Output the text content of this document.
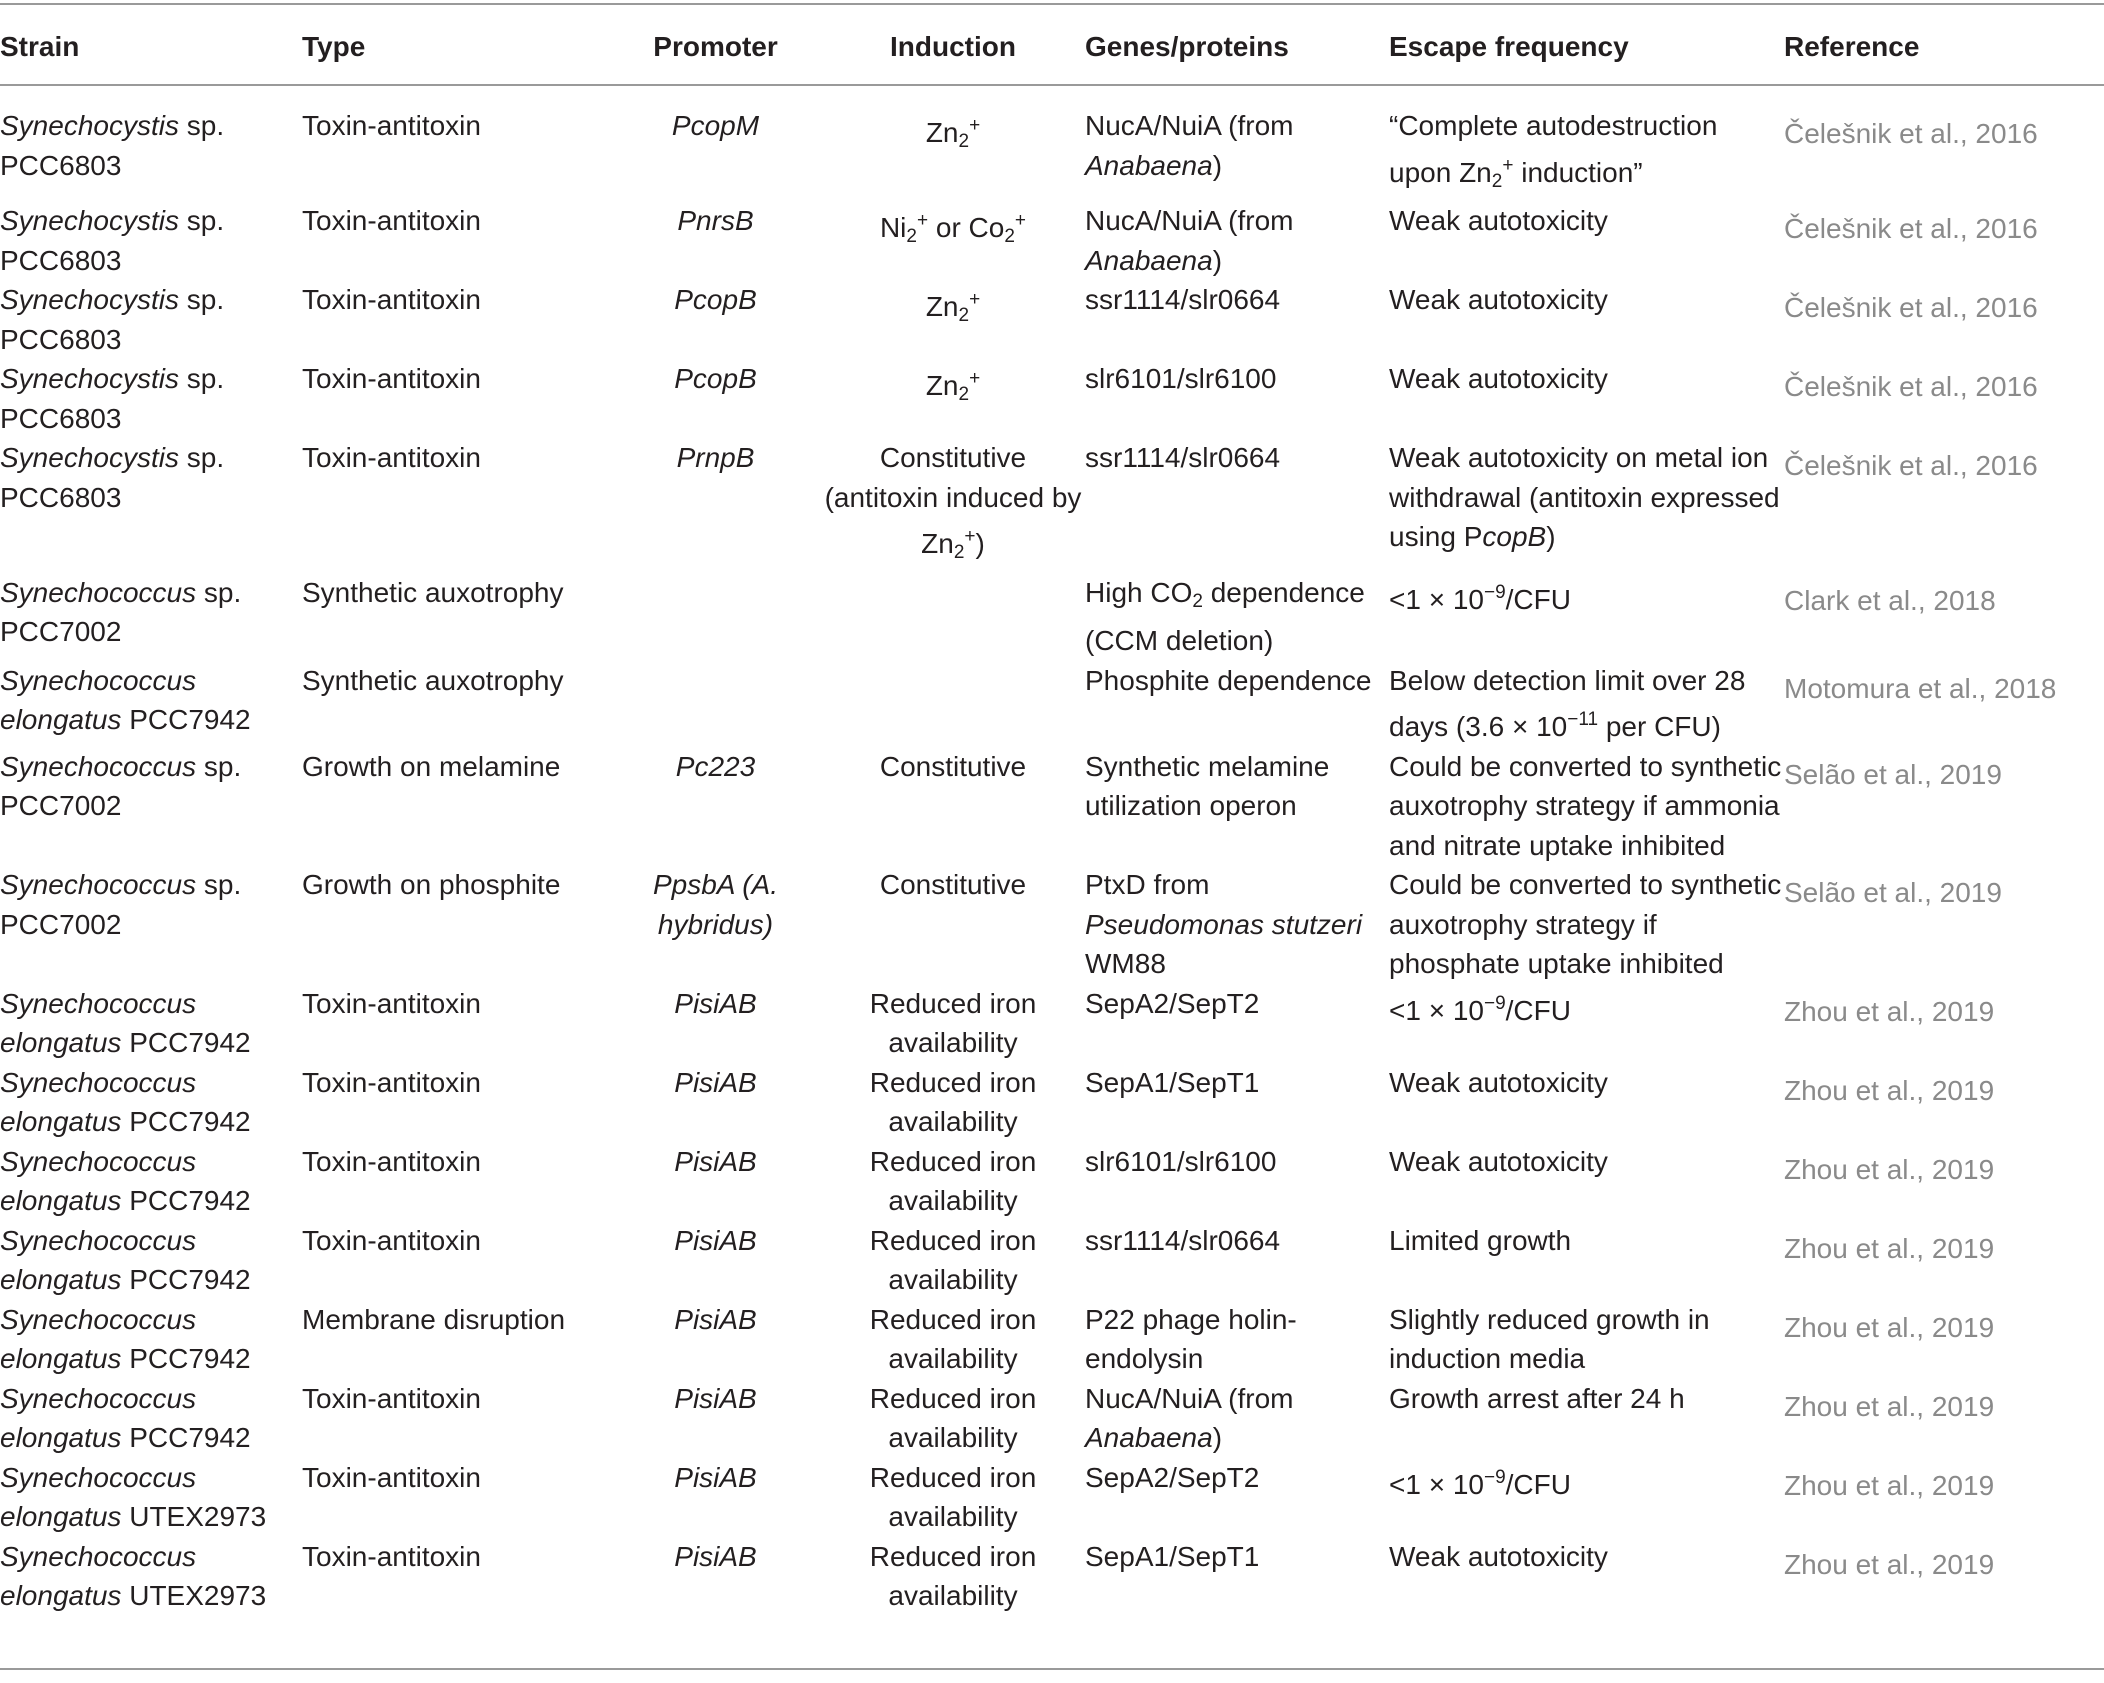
Strain	Type	Promoter	Induction	Genes/proteins	Escape frequency	Reference
Synechocystis sp. PCC6803	Toxin-antitoxin	PcopM	$Zn_2^+$	NucA/NuiA (from Anabaena)	“Complete autodestruction upon $Zn_2^+$ induction”	Čelešnik et al., 2016
Synechocystis sp. PCC6803	Toxin-antitoxin	PnrsB	$Ni_2^+$ or $Co_2^+$	NucA/NuiA (from Anabaena)	Weak autotoxicity	Čelešnik et al., 2016
Synechocystis sp. PCC6803	Toxin-antitoxin	PcopB	$Zn_2^+$	ssr1114/slr0664	Weak autotoxicity	Čelešnik et al., 2016
Synechocystis sp. PCC6803	Toxin-antitoxin	PcopB	$Zn_2^+$	slr6101/slr6100	Weak autotoxicity	Čelešnik et al., 2016
Synechocystis sp. PCC6803	Toxin-antitoxin	PrnpB	Constitutive (antitoxin induced by $Zn_2^+$)	ssr1114/slr0664	Weak autotoxicity on metal ion withdrawal (antitoxin expressed using PcopB)	Čelešnik et al., 2016
Synechococcus sp. PCC7002	Synthetic auxotrophy			High $CO_2$ dependence (CCM deletion)	$<1 \times 10^{-9}$/CFU	Clark et al., 2018
Synechococcus elongatus PCC7942	Synthetic auxotrophy			Phosphite dependence	Below detection limit over 28 days ($3.6 \times 10^{-11}$ per CFU)	Motomura et al., 2018
Synechococcus sp. PCC7002	Growth on melamine	Pc223	Constitutive	Synthetic melamine utilization operon	Could be converted to synthetic auxotrophy strategy if ammonia and nitrate uptake inhibited	Selão et al., 2019
Synechococcus sp. PCC7002	Growth on phosphite	PpsbA (A. hybridus)	Constitutive	PtxD from Pseudomonas stutzeri WM88	Could be converted to synthetic auxotrophy strategy if phosphate uptake inhibited	Selão et al., 2019
Synechococcus elongatus PCC7942	Toxin-antitoxin	PisiAB	Reduced iron availability	SepA2/SepT2	$<1 \times 10^{-9}$/CFU	Zhou et al., 2019
Synechococcus elongatus PCC7942	Toxin-antitoxin	PisiAB	Reduced iron availability	SepA1/SepT1	Weak autotoxicity	Zhou et al., 2019
Synechococcus elongatus PCC7942	Toxin-antitoxin	PisiAB	Reduced iron availability	slr6101/slr6100	Weak autotoxicity	Zhou et al., 2019
Synechococcus elongatus PCC7942	Toxin-antitoxin	PisiAB	Reduced iron availability	ssr1114/slr0664	Limited growth	Zhou et al., 2019
Synechococcus elongatus PCC7942	Membrane disruption	PisiAB	Reduced iron availability	P22 phage holin-endolysin	Slightly reduced growth in induction media	Zhou et al., 2019
Synechococcus elongatus PCC7942	Toxin-antitoxin	PisiAB	Reduced iron availability	NucA/NuiA (from Anabaena)	Growth arrest after 24 h	Zhou et al., 2019
Synechococcus elongatus UTEX2973	Toxin-antitoxin	PisiAB	Reduced iron availability	SepA2/SepT2	$<1 \times 10^{-9}$/CFU	Zhou et al., 2019
Synechococcus elongatus UTEX2973	Toxin-antitoxin	PisiAB	Reduced iron availability	SepA1/SepT1	Weak autotoxicity	Zhou et al., 2019
